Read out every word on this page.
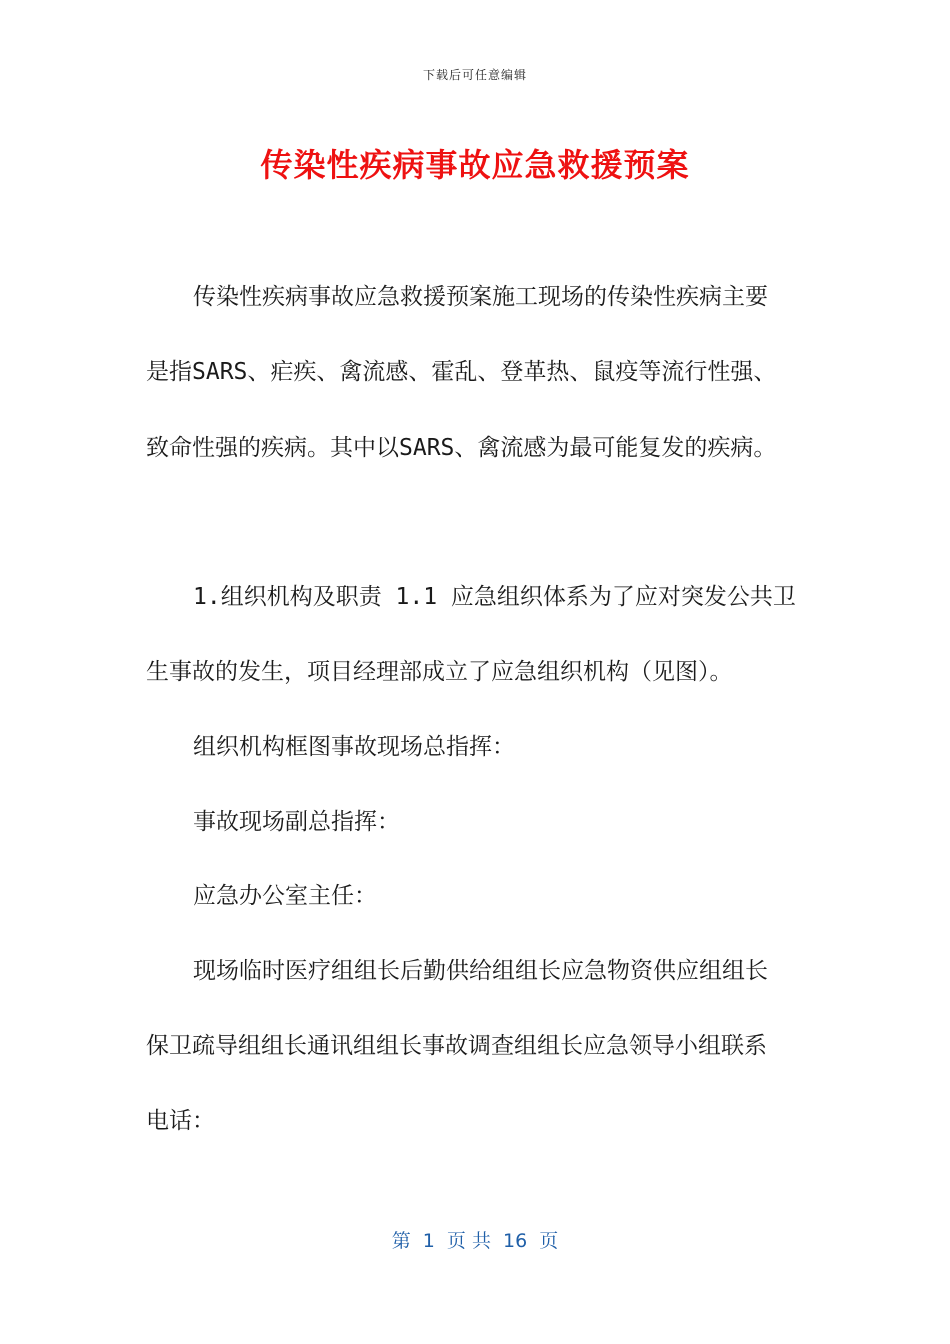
下载后可任意编辑
传染性疾病事故应急救援预案
传染性疾病事故应急救援预案施工现场的传染性疾病主要
是指SARS、疟疾、禽流感、霍乱、登革热、鼠疫等流行性强、
致命性强的疾病。其中以SARS、禽流感为最可能复发的疾病。
1.组织机构及职责 1.1 应急组织体系为了应对突发公共卫
生事故的发生，项目经理部成立了应急组织机构（见图）。
组织机构框图事故现场总指挥：
事故现场副总指挥：
应急办公室主任：
现场临时医疗组组长后勤供给组组长应急物资供应组组长
保卫疏导组组长通讯组组长事故调查组组长应急领导小组联系
电话：
第  1  页 共  16  页
